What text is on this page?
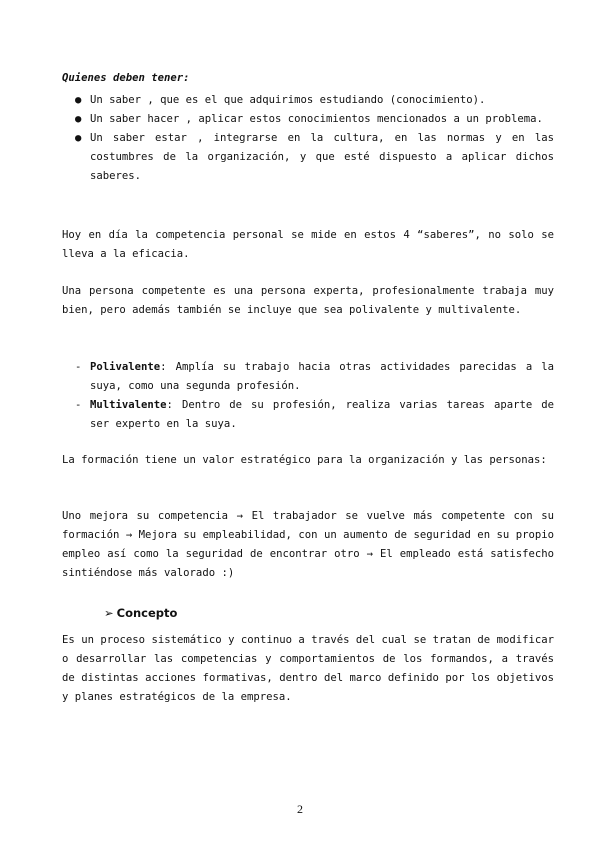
Quienes deben tener:
● Un saber , que es el que adquirimos estudiando (conocimiento).
● Un saber hacer , aplicar estos conocimientos mencionados a un problema.
● Un saber estar , integrarse en la cultura, en las normas y en las costumbres de la organización, y que esté dispuesto a aplicar dichos saberes.
Hoy en día la competencia personal se mide en estos 4 “saberes”, no solo se lleva a la eficacia.
Una persona competente es una persona experta, profesionalmente trabaja muy bien, pero además también se incluye que sea polivalente y multivalente.
- Polivalente: Amplía su trabajo hacia otras actividades parecidas a la suya, como una segunda profesión.
- Multivalente: Dentro de su profesión, realiza varias tareas aparte de ser experto en la suya.
La formación tiene un valor estratégico para la organización y las personas:
Uno mejora su competencia → El trabajador se vuelve más competente con su formación → Mejora su empleabilidad, con un aumento de seguridad en su propio empleo así como la seguridad de encontrar otro → El empleado está satisfecho sintiéndose más valorado :)
➢ Concepto
Es un proceso sistemático y continuo a través del cual se tratan de modificar o desarrollar las competencias y comportamientos de los formandos, a través de distintas acciones formativas, dentro del marco definido por los objetivos y planes estratégicos de la empresa.
2
